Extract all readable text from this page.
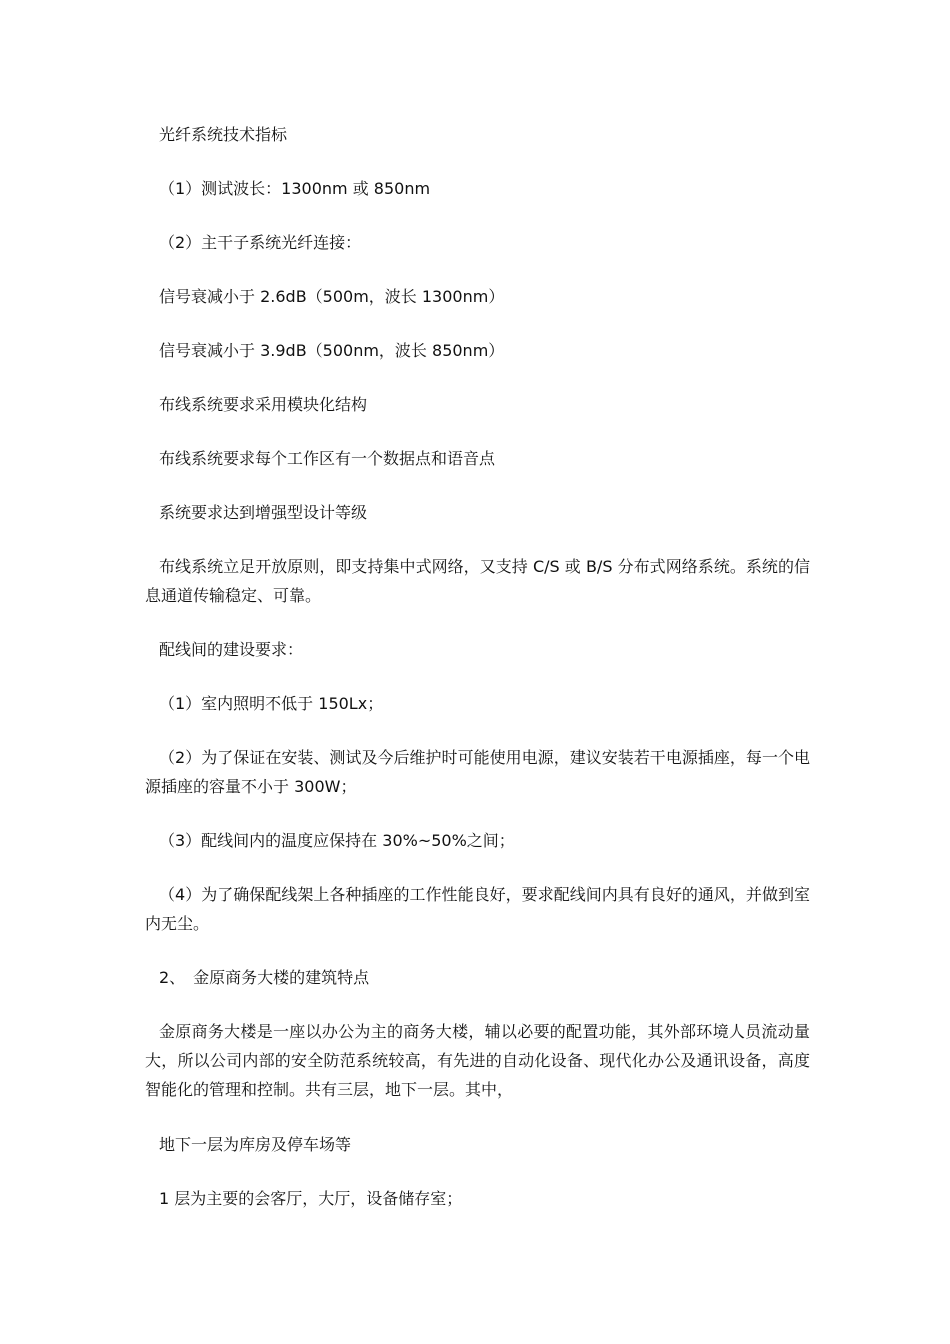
光纤系统技术指标

（1）测试波长：1300nm 或 850nm

（2）主干子系统光纤连接：

信号衰减小于 2.6dB（500m，波长 1300nm）

信号衰减小于 3.9dB（500nm，波长 850nm）

布线系统要求采用模块化结构

布线系统要求每个工作区有一个数据点和语音点

系统要求达到增强型设计等级

布线系统立足开放原则，即支持集中式网络，又支持 C/S 或 B/S 分布式网络系统。系统的信息通道传输稳定、可靠。

配线间的建设要求：

（1）室内照明不低于 150Lx；

（2）为了保证在安装、测试及今后维护时可能使用电源，建议安装若干电源插座，每一个电源插座的容量不小于 300W；

（3）配线间内的温度应保持在 30%~50%之间；

（4）为了确保配线架上各种插座的工作性能良好，要求配线间内具有良好的通风，并做到室内无尘。

2、　金原商务大楼的建筑特点

金原商务大楼是一座以办公为主的商务大楼，辅以必要的配置功能，其外部环境人员流动量大，所以公司内部的安全防范系统较高，有先进的自动化设备、现代化办公及通讯设备，高度智能化的管理和控制。共有三层，地下一层。其中，

地下一层为库房及停车场等

1 层为主要的会客厅，大厅，设备储存室；
